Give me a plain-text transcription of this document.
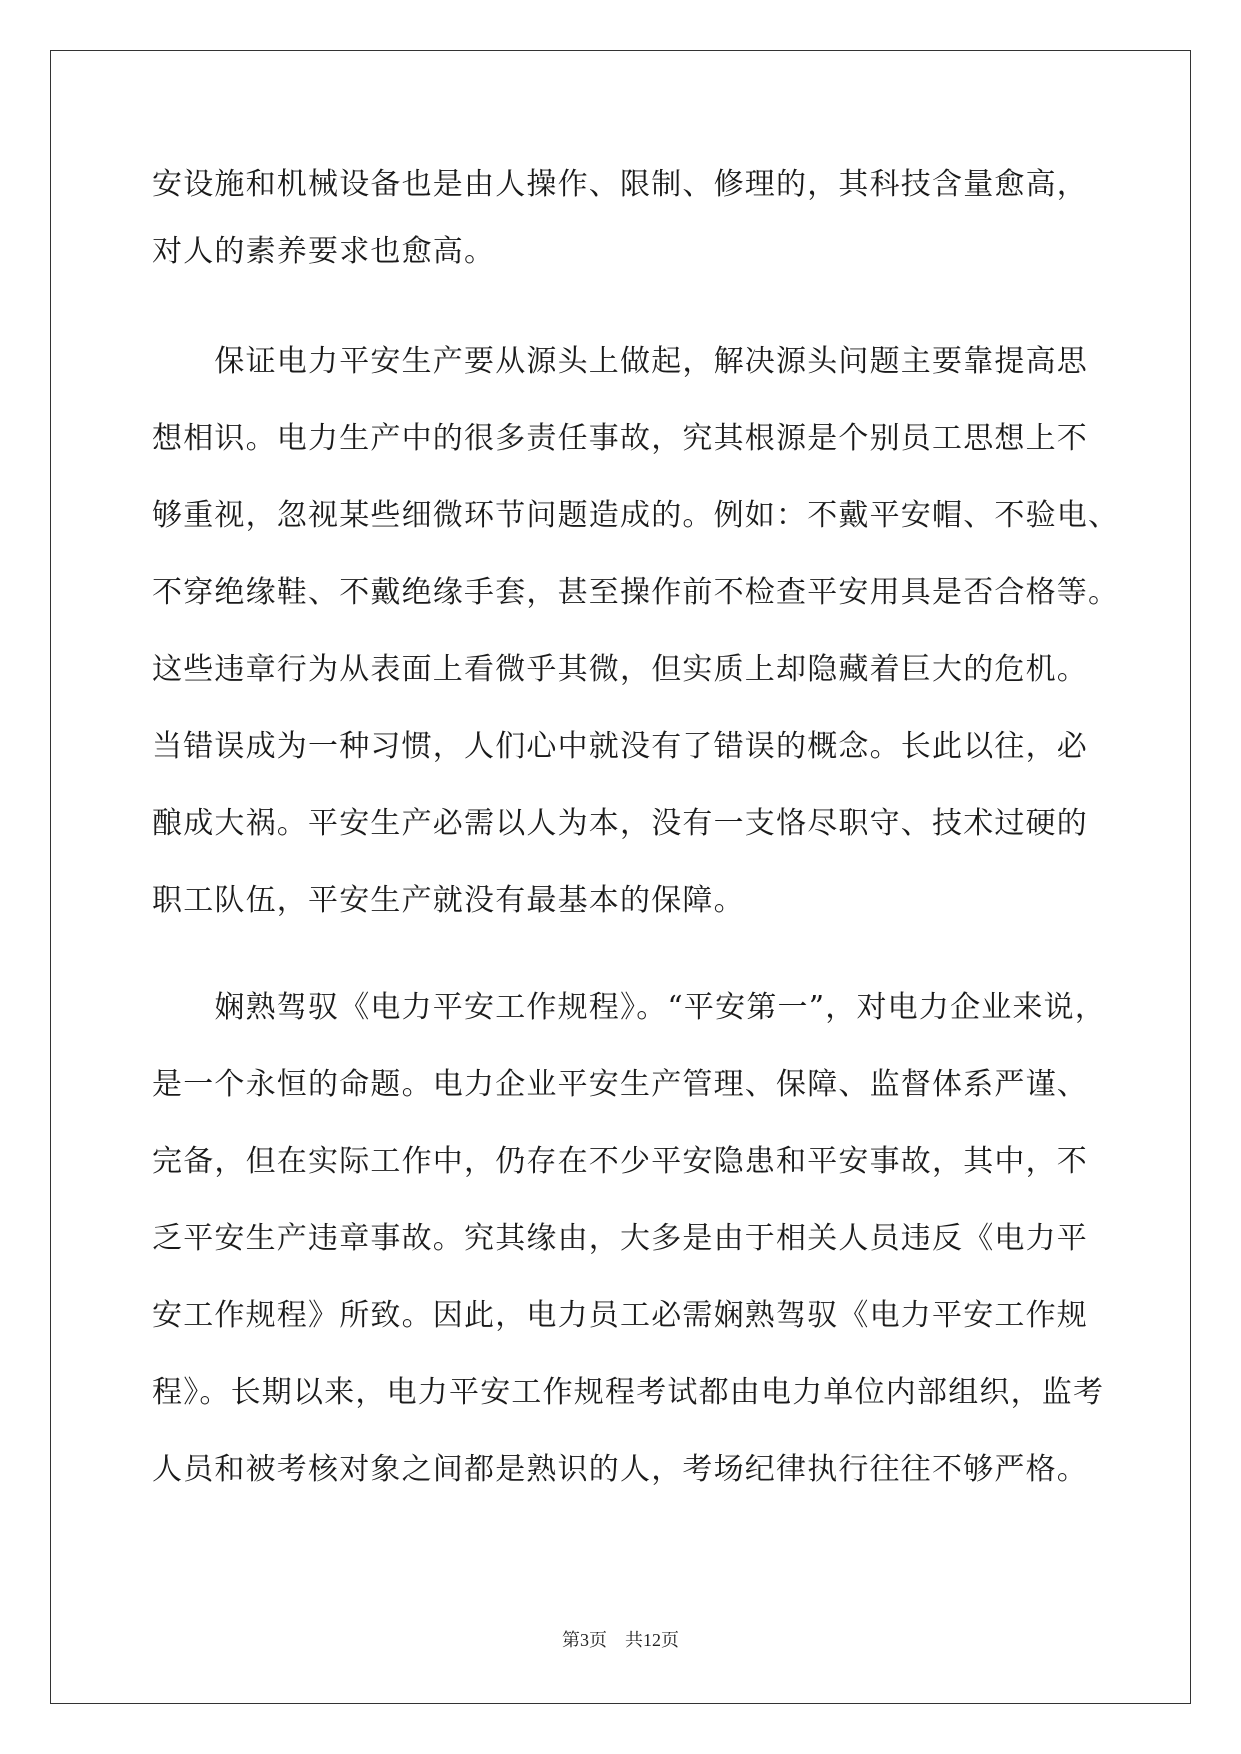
安设施和机械设备也是由人操作、限制、修理的，其科技含量愈高，
对人的素养要求也愈高。
　　保证电力平安生产要从源头上做起，解决源头问题主要靠提高思
想相识。电力生产中的很多责任事故，究其根源是个别员工思想上不
够重视，忽视某些细微环节问题造成的。例如：不戴平安帽、不验电、
不穿绝缘鞋、不戴绝缘手套，甚至操作前不检查平安用具是否合格等。
这些违章行为从表面上看微乎其微，但实质上却隐藏着巨大的危机。
当错误成为一种习惯，人们心中就没有了错误的概念。长此以往，必
酿成大祸。平安生产必需以人为本，没有一支恪尽职守、技术过硬的
职工队伍，平安生产就没有最基本的保障。
　　娴熟驾驭《电力平安工作规程》。“平安第一”，对电力企业来说，
是一个永恒的命题。电力企业平安生产管理、保障、监督体系严谨、
完备，但在实际工作中，仍存在不少平安隐患和平安事故，其中，不
乏平安生产违章事故。究其缘由，大多是由于相关人员违反《电力平
安工作规程》所致。因此，电力员工必需娴熟驾驭《电力平安工作规
程》。长期以来，电力平安工作规程考试都由电力单位内部组织，监考
人员和被考核对象之间都是熟识的人，考场纪律执行往往不够严格。
第3页 共12页
